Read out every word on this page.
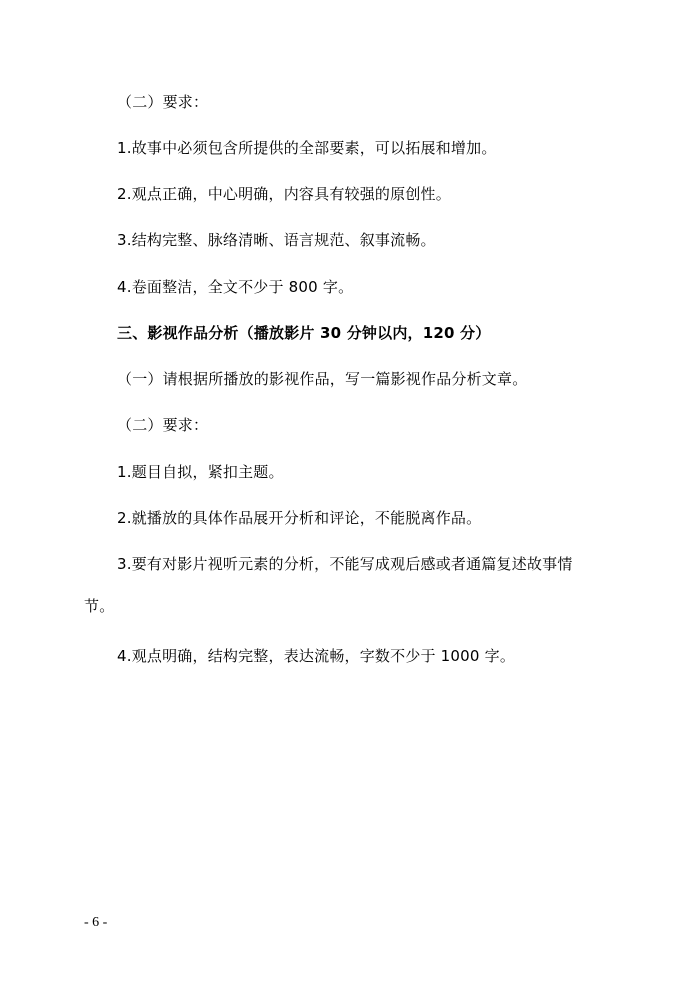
（二）要求：
1.故事中必须包含所提供的全部要素，可以拓展和增加。
2.观点正确，中心明确，内容具有较强的原创性。
3.结构完整、脉络清晰、语言规范、叙事流畅。
4.卷面整洁，全文不少于 800 字。
三、影视作品分析（播放影片 30 分钟以内，120 分）
（一）请根据所播放的影视作品，写一篇影视作品分析文章。
（二）要求：
1.题目自拟，紧扣主题。
2.就播放的具体作品展开分析和评论，不能脱离作品。
3.要有对影片视听元素的分析，不能写成观后感或者通篇复述故事情
节。
4.观点明确，结构完整，表达流畅，字数不少于 1000 字。
- 6 -
